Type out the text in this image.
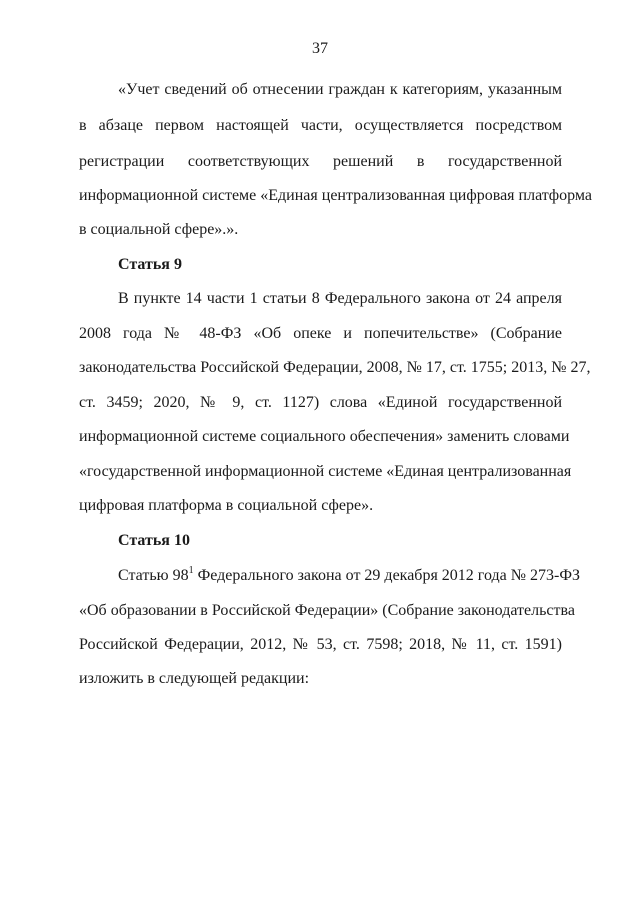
37
«Учет сведений об отнесении граждан к категориям, указанным
в абзаце первом настоящей части, осуществляется посредством
регистрации соответствующих решений в государственной
информационной системе «Единая централизованная цифровая платформа
в социальной сфере».».
Статья 9
В пункте 14 части 1 статьи 8 Федерального закона от 24 апреля
2008 года № 48-ФЗ «Об опеке и попечительстве» (Собрание
законодательства Российской Федерации, 2008, № 17, ст. 1755; 2013, № 27,
ст. 3459; 2020, № 9, ст. 1127) слова «Единой государственной
информационной системе социального обеспечения» заменить словами
«государственной информационной системе «Единая централизованная
цифровая платформа в социальной сфере».
Статья 10
Статью $98^1$ Федерального закона от 29 декабря 2012 года № 273-ФЗ
«Об образовании в Российской Федерации» (Собрание законодательства
Российской Федерации, 2012, № 53, ст. 7598; 2018, № 11, ст. 1591)
изложить в следующей редакции:
